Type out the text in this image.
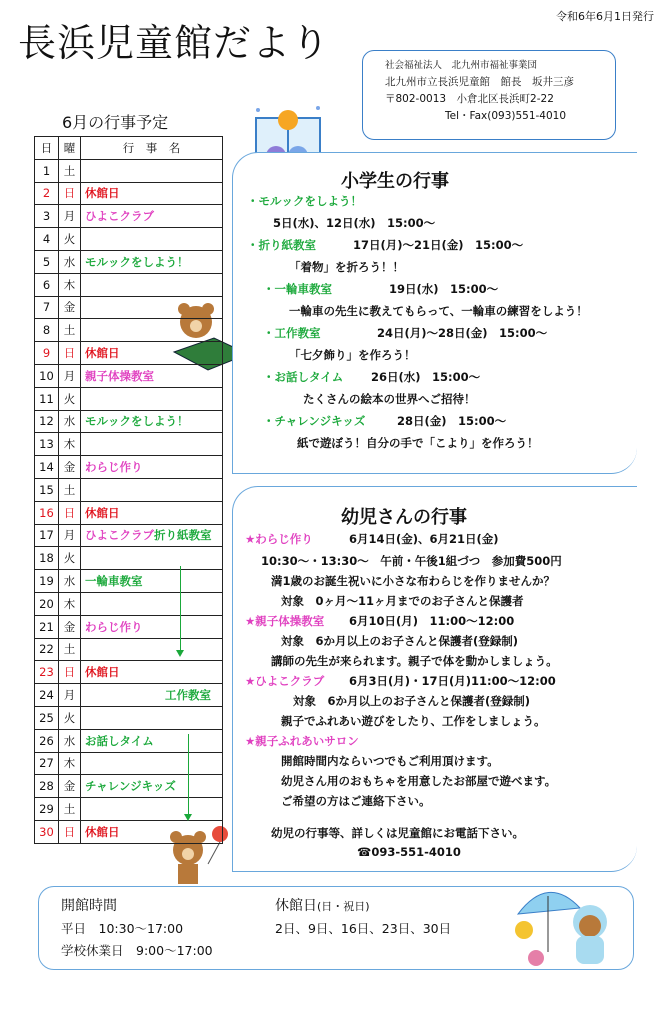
長浜児童館だより
令和6年6月1日発行
社会福祉法人　北九州市福祉事業団
北九州市立長浜児童館　館長　坂井三彦
〒802-0013　小倉北区長浜町2-22
Tel・Fax(093)551-4010
6月の行事予定
日	曜	行　事　名
1	土	
2	日	休館日
3	月	ひよこクラブ
4	火	
5	水	モルックをしよう！
6	木	
7	金	
8	土	
9	日	休館日
10	月	親子体操教室
11	火	
12	水	モルックをしよう！
13	木	
14	金	わらじ作り
15	土	
16	日	休館日
17	月	ひよこクラブ折り紙教室
18	火	
19	水	一輪車教室
20	木	
21	金	わらじ作り
22	土	
23	日	休館日
24	月	工作教室
25	火	
26	水	お話しタイム
27	木	
28	金	チャレンジキッズ
29	土	
30	日	休館日
小学生の行事
・モルックをしよう！
5日(水)、12日(水)　15:00～
・折り紙教室	17日(月)～21日(金)　15:00～
「着物」を折ろう！！
・一輪車教室	19日(水)　15:00～
一輪車の先生に教えてもらって、一輪車の練習をしよう！
・工作教室	24日(月)～28日(金)　15:00～
「七夕飾り」を作ろう！
・お話しタイム 26日(水)　15:00～
たくさんの絵本の世界へご招待！
・チャレンジキッズ	28日(金)　15:00～
紙で遊ぼう！自分の手で「こより」を作ろう！
幼児さんの行事
★わらじ作り	6月14日(金)、6月21日(金)
10:30～・13:30～　午前・午後1組づつ　参加費500円
満1歳のお誕生祝いに小さな布わらじを作りませんか？
対象　0ヶ月～11ヶ月までのお子さんと保護者
★親子体操教室 6月10日(月)　11:00～12:00
対象　6か月以上のお子さんと保護者(登録制)
講師の先生が来られます。親子で体を動かしましょう。
★ひよこクラブ 6月3日(月)・17日(月)11:00～12:00
対象　6か月以上のお子さんと保護者(登録制)
親子でふれあい遊びをしたり、工作をしましょう。
★親子ふれあいサロン
開館時間内ならいつでもご利用頂けます。
幼児さん用のおもちゃを用意したお部屋で遊べます。
ご希望の方はご連絡下さい。
幼児の行事等、詳しくは児童館にお電話下さい。
☎093-551-4010
開館時間
平日　10:30～17:00
学校休業日　9:00～17:00
休館日(日・祝日)
2日、9日、16日、23日、30日
